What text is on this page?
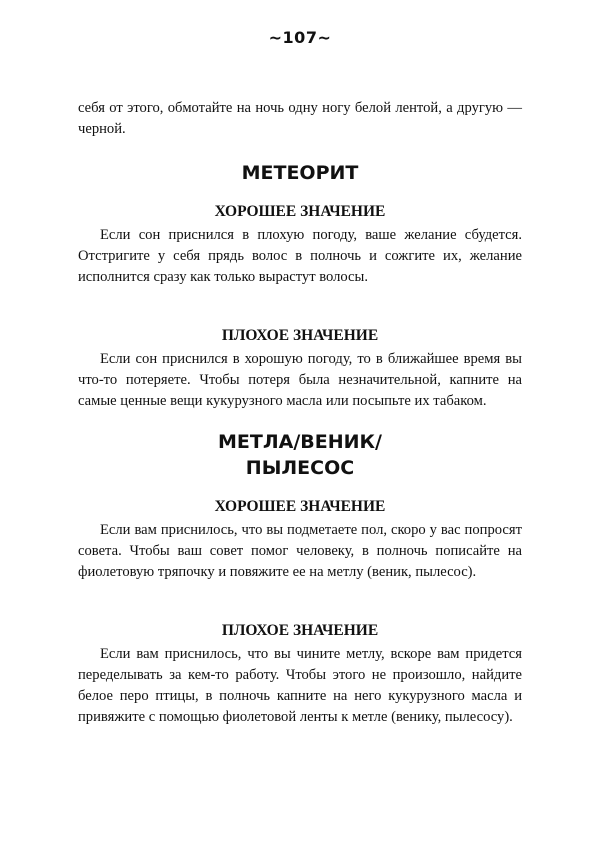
~107~

себя от этого, обмотайте на ночь одну ногу белой лентой, а другую — черной.

МЕТЕОРИТ
ХОРОШЕЕ ЗНАЧЕНИЕ

Если сон приснился в плохую погоду, ваше желание сбудется. Отстригите у себя прядь волос в полночь и сожгите их, желание исполнится сразу как только вырастут волосы.

ПЛОХОЕ ЗНАЧЕНИЕ

Если сон приснился в хорошую погоду, то в ближайшее время вы что-то потеряете. Чтобы потеря была незначительной, капните на самые ценные вещи кукурузного масла или посыпьте их табаком.

МЕТЛА/ВЕНИК/
ПЫЛЕСОС
ХОРОШЕЕ ЗНАЧЕНИЕ

Если вам приснилось, что вы подметаете пол, скоро у вас попросят совета. Чтобы ваш совет помог человеку, в полночь пописайте на фиолетовую тряпочку и повяжите ее на метлу (веник, пылесос).

ПЛОХОЕ ЗНАЧЕНИЕ

Если вам приснилось, что вы чините метлу, вскоре вам придется переделывать за кем-то работу. Чтобы этого не произошло, найдите белое перо птицы, в полночь капните на него кукурузного масла и привяжите с помощью фиолетовой ленты к метле (венику, пылесосу).
